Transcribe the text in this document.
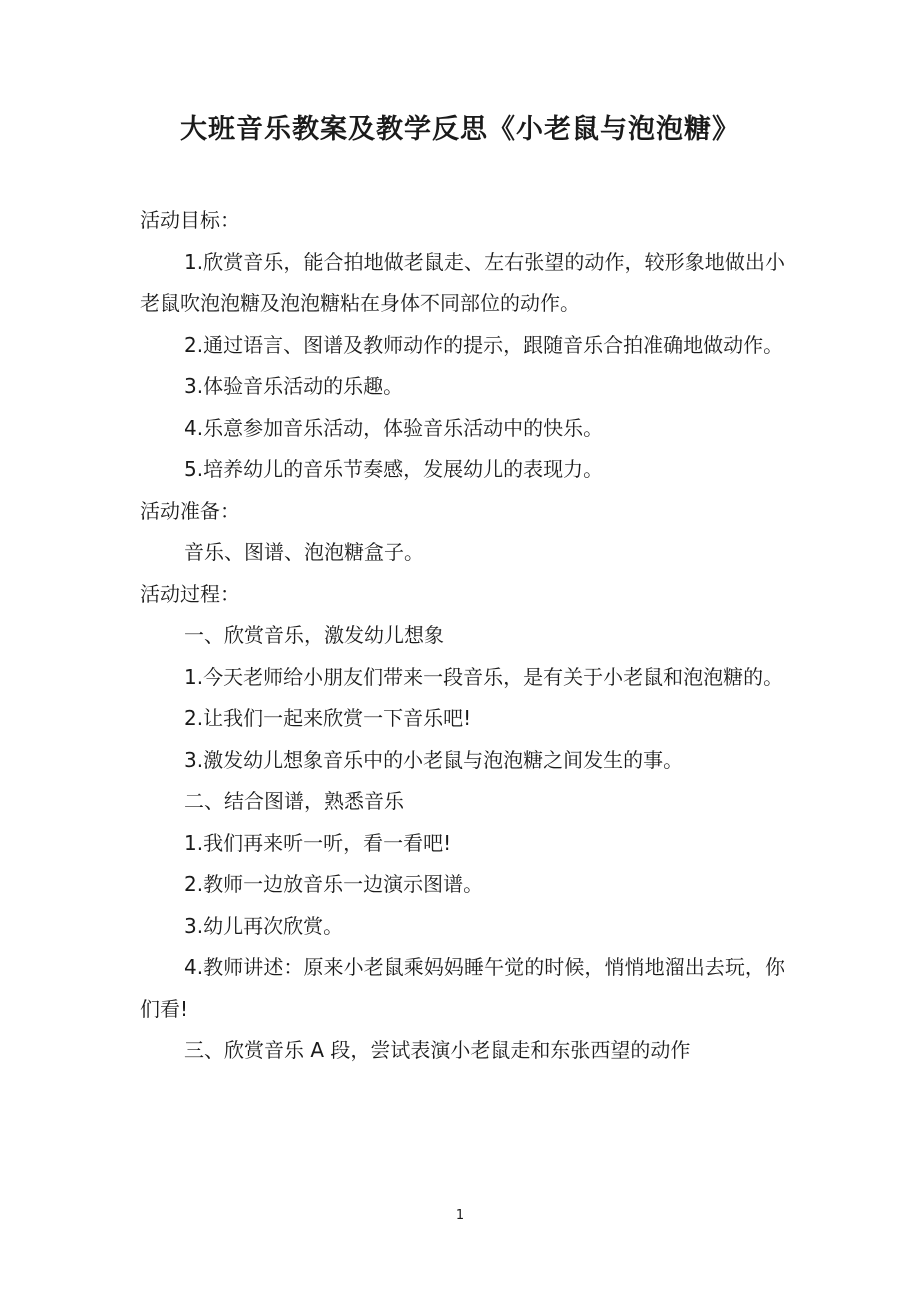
大班音乐教案及教学反思《小老鼠与泡泡糖》

活动目标：

1.欣赏音乐，能合拍地做老鼠走、左右张望的动作，较形象地做出小老鼠吹泡泡糖及泡泡糖粘在身体不同部位的动作。

2.通过语言、图谱及教师动作的提示，跟随音乐合拍准确地做动作。

3.体验音乐活动的乐趣。

4.乐意参加音乐活动，体验音乐活动中的快乐。

5.培养幼儿的音乐节奏感，发展幼儿的表现力。

活动准备：

音乐、图谱、泡泡糖盒子。

活动过程：

一、欣赏音乐，激发幼儿想象

1.今天老师给小朋友们带来一段音乐，是有关于小老鼠和泡泡糖的。

2.让我们一起来欣赏一下音乐吧!

3.激发幼儿想象音乐中的小老鼠与泡泡糖之间发生的事。

二、结合图谱，熟悉音乐

1.我们再来听一听，看一看吧!

2.教师一边放音乐一边演示图谱。

3.幼儿再次欣赏。

4.教师讲述：原来小老鼠乘妈妈睡午觉的时候，悄悄地溜出去玩，你们看!

三、欣赏音乐 A 段，尝试表演小老鼠走和东张西望的动作

1
